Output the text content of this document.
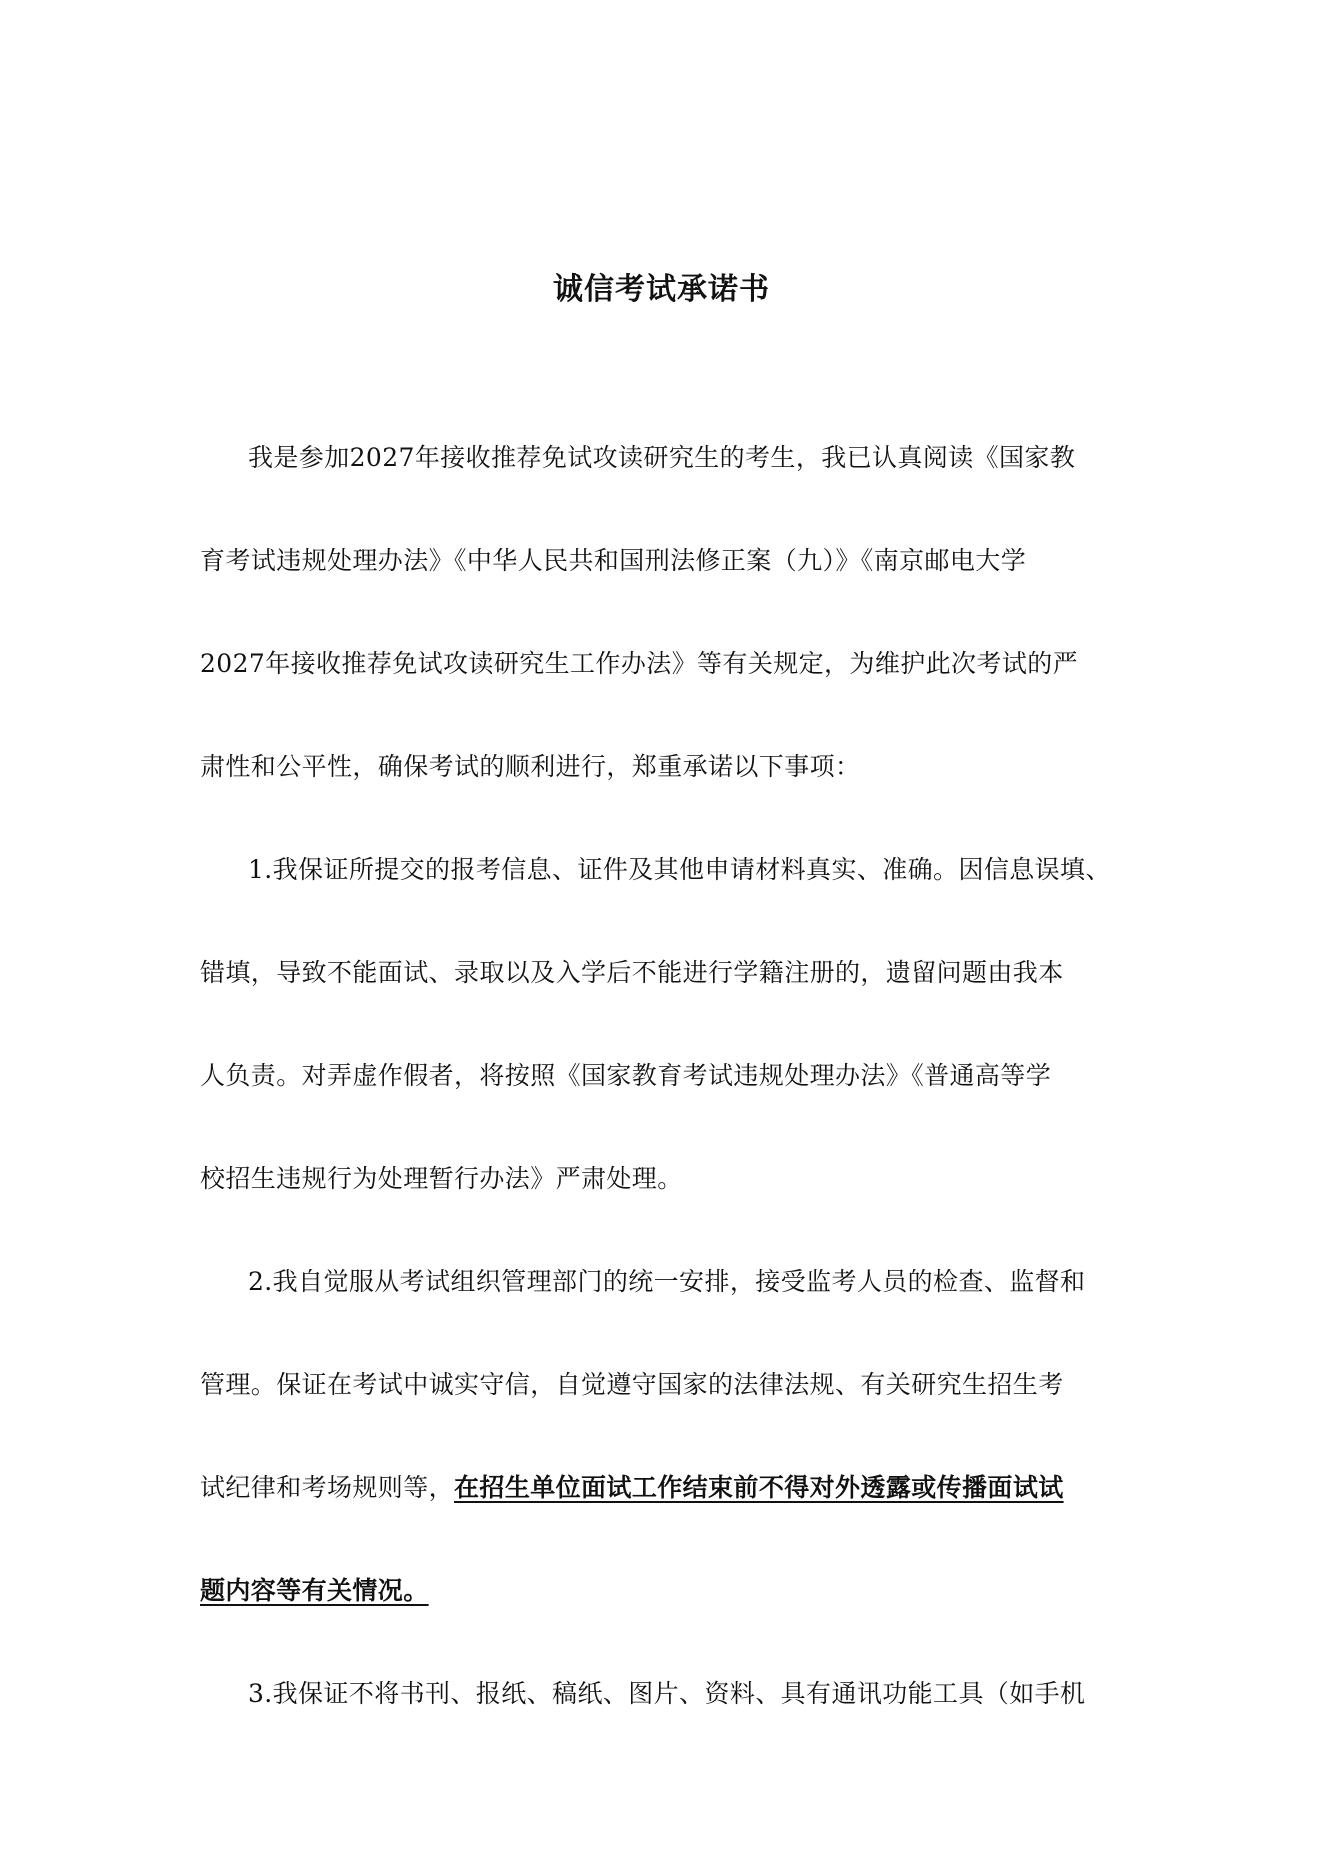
诚信考试承诺书
我是参加2027年接收推荐免试攻读研究生的考生，我已认真阅读《国家教
育考试违规处理办法》《中华人民共和国刑法修正案（九）》《南京邮电大学
2027年接收推荐免试攻读研究生工作办法》等有关规定，为维护此次考试的严
肃性和公平性，确保考试的顺利进行，郑重承诺以下事项：
1.我保证所提交的报考信息、证件及其他申请材料真实、准确。因信息误填、
错填，导致不能面试、录取以及入学后不能进行学籍注册的，遗留问题由我本
人负责。对弄虚作假者，将按照《国家教育考试违规处理办法》《普通高等学
校招生违规行为处理暂行办法》严肃处理。
2.我自觉服从考试组织管理部门的统一安排，接受监考人员的检查、监督和
管理。保证在考试中诚实守信，自觉遵守国家的法律法规、有关研究生招生考
试纪律和考场规则等，在招生单位面试工作结束前不得对外透露或传播面试试
题内容等有关情况。
3.我保证不将书刊、报纸、稿纸、图片、资料、具有通讯功能工具（如手机
